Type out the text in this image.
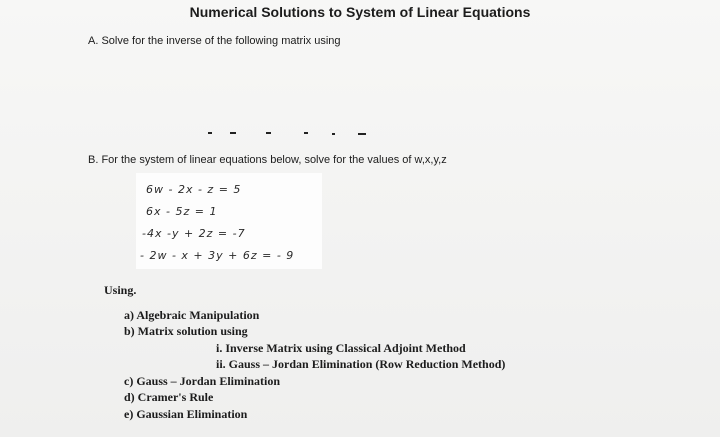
Numerical Solutions to System of Linear Equations
A. Solve for the inverse of the following matrix using
B. For the system of linear equations below, solve for the values of w,x,y,z
6w - 2x - z = 5
6x - 5z = 1
-4x -y + 2z = -7
- 2w - x + 3y + 6z = - 9
Using.
a) Algebraic Manipulation
b) Matrix solution using
i. Inverse Matrix using Classical Adjoint Method
ii. Gauss – Jordan Elimination (Row Reduction Method)
c) Gauss – Jordan Elimination
d) Cramer's Rule
e) Gaussian Elimination
